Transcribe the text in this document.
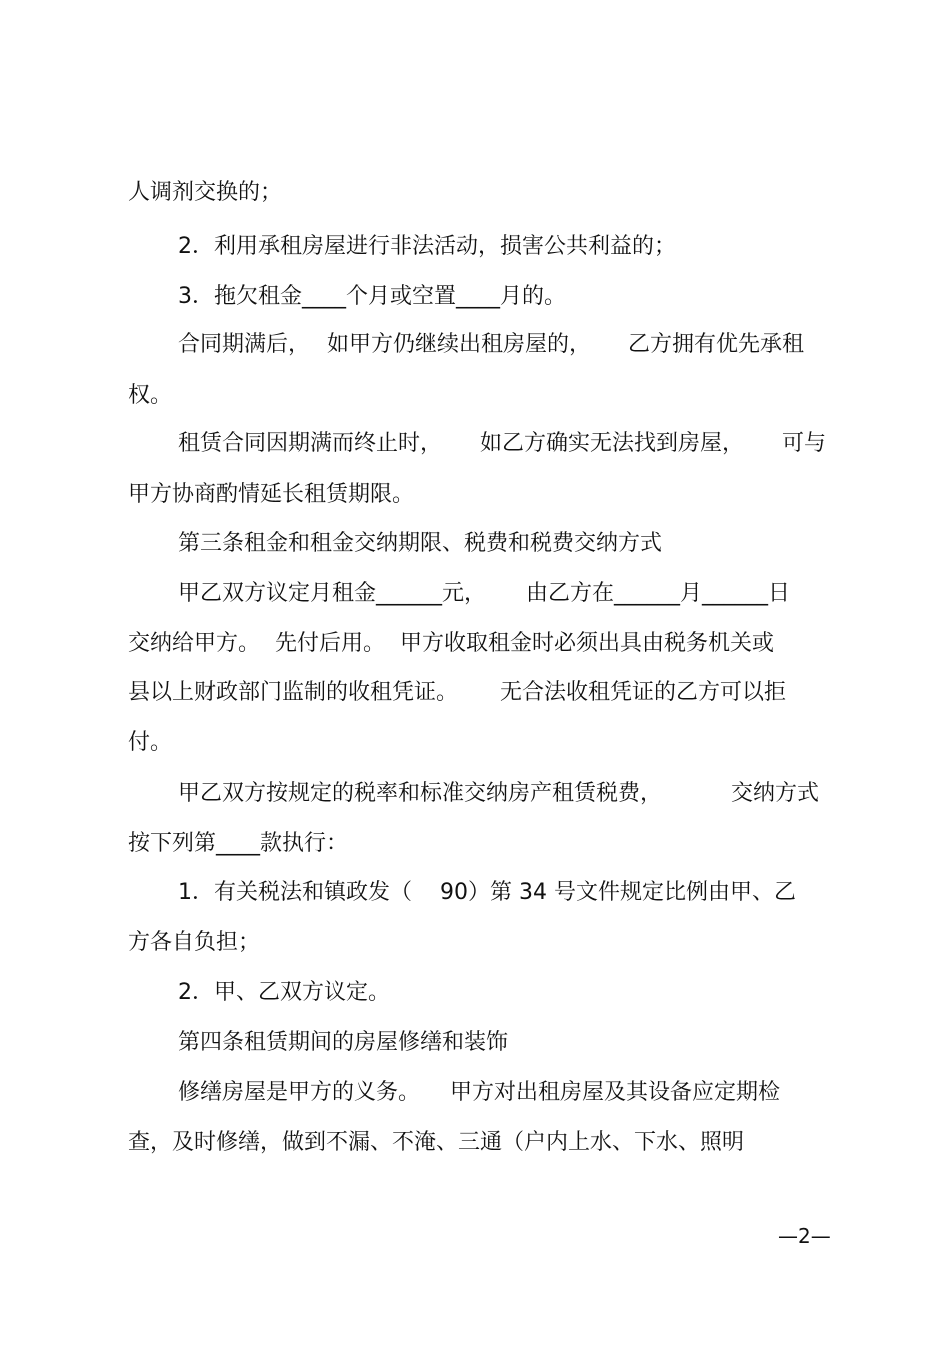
人调剂交换的；
2．利用承租房屋进行非法活动，损害公共利益的；
3．拖欠租金____个月或空置____月的。
合同期满后， 如甲方仍继续出租房屋的， 乙方拥有优先承租
权。
租赁合同因期满而终止时， 如乙方确实无法找到房屋， 可与
甲方协商酌情延长租赁期限。
第三条租金和租金交纳期限、税费和税费交纳方式
甲乙双方议定月租金______元， 由乙方在______月______日
交纳给甲方。 先付后用。 甲方收取租金时必须出具由税务机关或
县以上财政部门监制的收租凭证。 无合法收租凭证的乙方可以拒
付。
甲乙双方按规定的税率和标准交纳房产租赁税费，	交纳方式
按下列第____款执行：
1．有关税法和镇政发（ 90）第 34 号文件规定比例由甲、乙
方各自负担；
2．甲、乙双方议定。
第四条租赁期间的房屋修缮和装饰
修缮房屋是甲方的义务。 甲方对出租房屋及其设备应定期检
查，及时修缮，做到不漏、不淹、三通（户内上水、下水、照明
—2—
